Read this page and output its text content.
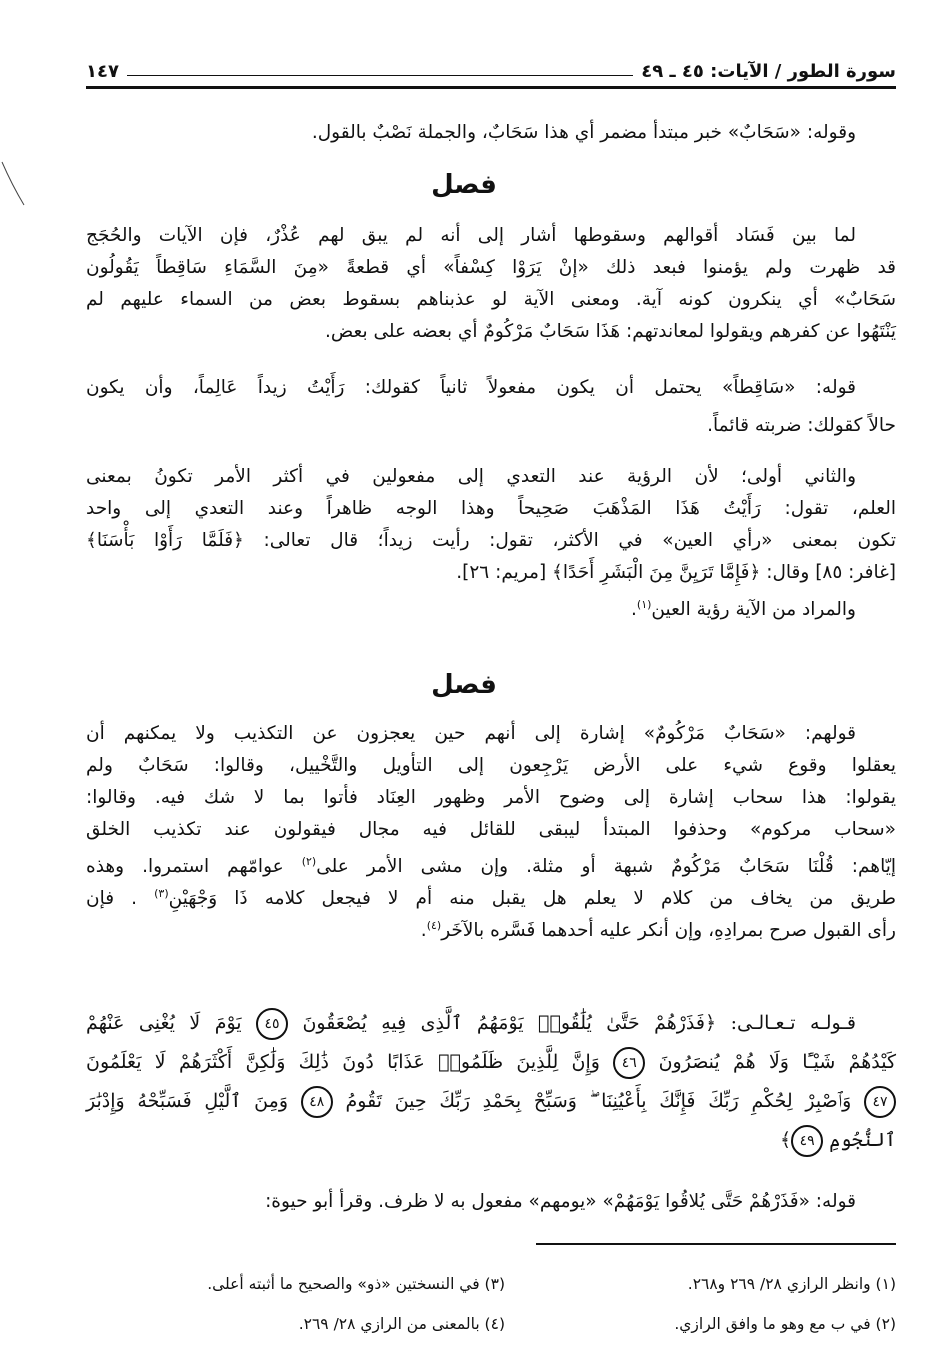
سورة الطور / الآيات: ٤٥ ـ ٤٩
١٤٧
وقوله: «سَحَابٌ» خبر مبتدأ مضمر أي هذا سَحَابٌ، والجملة نَصْبٌ بالقول.
فصل
لما بين فَسَاد أقوالهم وسقوطها أشار إلى أنه لم يبق لهم عُذْرٌ، فإن الآيات والحُجَج
قد ظهرت ولم يؤمنوا فبعد ذلك «إنْ يَرَوْا كِسْفاً» أي قطعةً «مِنَ السَّمَاءِ سَاقِطاً يَقُولُون
سَحَابٌ» أي ينكرون كونه آية. ومعنى الآية لو عذبناهم بسقوط بعض من السماء عليهم لم
يَنْتَهُوا عن كفرهم ويقولوا لمعاندتهم: هَذَا سَحَابٌ مَرْكُومٌ أي بعضه على بعض.
قوله: «سَاقِطاً» يحتمل أن يكون مفعولاً ثانياً كقولك: رَأَيْتُ زيداً عَالِماً، وأن يكون
حالاً كقولك: ضربته قائماً.
والثاني أولى؛ لأن الرؤية عند التعدي إلى مفعولين في أكثر الأمر تكونُ بمعنى
العلم، تقول: رَأَيْتُ هَذَا المَذْهَبَ صَحِيحاً وهذا الوجه ظاهراً وعند التعدي إلى واحد
تكون بمعنى «رأي العين» في الأكثر، تقول: رأيت زيداً؛ قال تعالى: ﴿فَلَمَّا رَأَوْا بَأْسَنَا﴾
[غافر: ٨٥] وقال: ﴿فَإِمَّا تَرَيِنَّ مِنَ الْبَشَرِ أَحَدًا﴾ [مريم: ٢٦].
والمراد من الآية رؤية العين$^{(١)}$.
فصل
قولهم: «سَحَابٌ مَرْكُومٌ» إشارة إلى أنهم حين يعجزون عن التكذيب ولا يمكنهم أن
يعقلوا وقوع شيء على الأرض يَرْجِعون إلى التأويل والتَّخْييل، وقالوا: سَحَابٌ ولم
يقولوا: هذا سحاب إشارة إلى وضوح الأمر وظهور العِنَاد فأتوا بما لا شك فيه. وقالوا:
«سحاب مركوم» وحذفوا المبتدأ ليبقى للقائل فيه مجال فيقولون عند تكذيب الخلق
إيّاهم: قُلْنَا سَحَابٌ مَرْكُومٌ شبهة أو مثلة. وإن مشى الأمر على$^{(٢)}$ عوامّهم استمروا. وهذه
طريق من يخاف من كلام لا يعلم هل يقبل منه أم لا فيجعل كلامه ذَا وَجْهَيْنِ$^{(٣)}$ . فإن
رأى القبول صرح بمرادِهِ، وإن أنكر عليه أحدهما فَسَّره بالآخَر$^{(٤)}$.
قـولـه تـعـالـى: ﴿فَذَرْهُمْ حَتَّىٰ يُلَٰقُوا۟ يَوْمَهُمُ ٱلَّذِى فِيهِ يُصْعَقُونَ ٤٥ يَوْمَ لَا يُغْنِى عَنْهُمْ
كَيْدُهُمْ شَيْـًٔا وَلَا هُمْ يُنصَرُونَ ٤٦ وَإِنَّ لِلَّذِينَ ظَلَمُوا۟ عَذَابًا دُونَ ذَٰلِكَ وَلَٰكِنَّ أَكْثَرَهُمْ لَا يَعْلَمُونَ
٤٧ وَٱصْبِرْ لِحُكْمِ رَبِّكَ فَإِنَّكَ بِأَعْيُنِنَا ۖ وَسَبِّحْ بِحَمْدِ رَبِّكَ حِينَ تَقُومُ ٤٨ وَمِنَ ٱلَّيْلِ فَسَبِّحْهُ وَإِدْبَٰرَ
ٱلنُّجُومِ ٤٩﴾
قوله: «فَذَرْهُمْ حَتَّى يُلاقُوا يَوْمَهُمْ» «يومهم» مفعول به لا ظرف. وقرأ أبو حيوة:
(١) وانظر الرازي ٢٨/ ٢٦٩ و٢٦٨.
(٢) في ب مع وهو ما وافق الرازي.
(٣) في النسختين «ذو» والصحيح ما أثبته أعلى.
(٤) بالمعنى من الرازي ٢٨/ ٢٦٩.
